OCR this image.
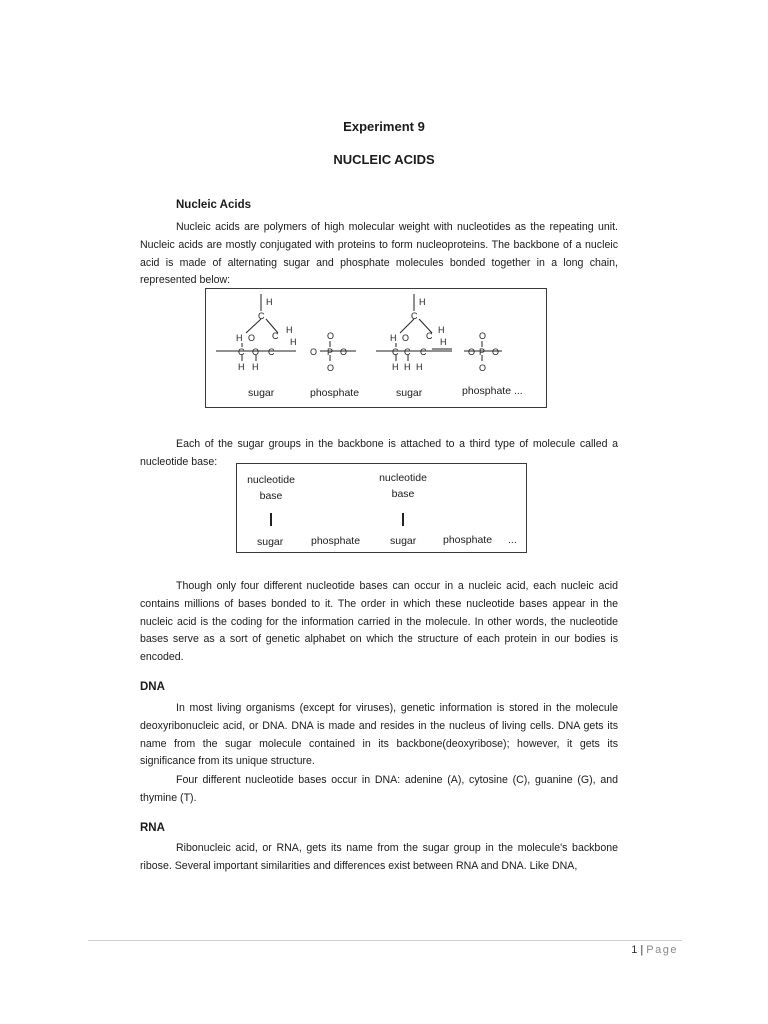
Experiment 9
NUCLEIC ACIDS
Nucleic Acids
Nucleic acids are polymers of high molecular weight with nucleotides as the repeating unit. Nucleic acids are mostly conjugated with proteins to form nucleoproteins. The backbone of a nucleic acid is made of alternating sugar and phosphate molecules bonded together in a long chain, represented below:
H
C
H
C
H
H O
C O C
H H
O
O
P O
O
H
C
H
C
H
H O
C C C
H H H
O
O
P O
O
sugar	phosphate	sugar	phosphate ...
Each of the sugar groups in the backbone is attached to a third type of molecule called a nucleotide base:
nucleotide base
nucleotide base
sugar	phosphate	sugar	phosphate ...
Though only four different nucleotide bases can occur in a nucleic acid, each nucleic acid contains millions of bases bonded to it. The order in which these nucleotide bases appear in the nucleic acid is the coding for the information carried in the molecule. In other words, the nucleotide bases serve as a sort of genetic alphabet on which the structure of each protein in our bodies is encoded.
DNA
In most living organisms (except for viruses), genetic information is stored in the molecule deoxyribonucleic acid, or DNA. DNA is made and resides in the nucleus of living cells. DNA gets its name from the sugar molecule contained in its backbone(deoxyribose); however, it gets its significance from its unique structure.
Four different nucleotide bases occur in DNA: adenine (A), cytosine (C), guanine (G), and thymine (T).
RNA
Ribonucleic acid, or RNA, gets its name from the sugar group in the molecule's backbone ribose. Several important similarities and differences exist between RNA and DNA. Like DNA,
1 | Page
